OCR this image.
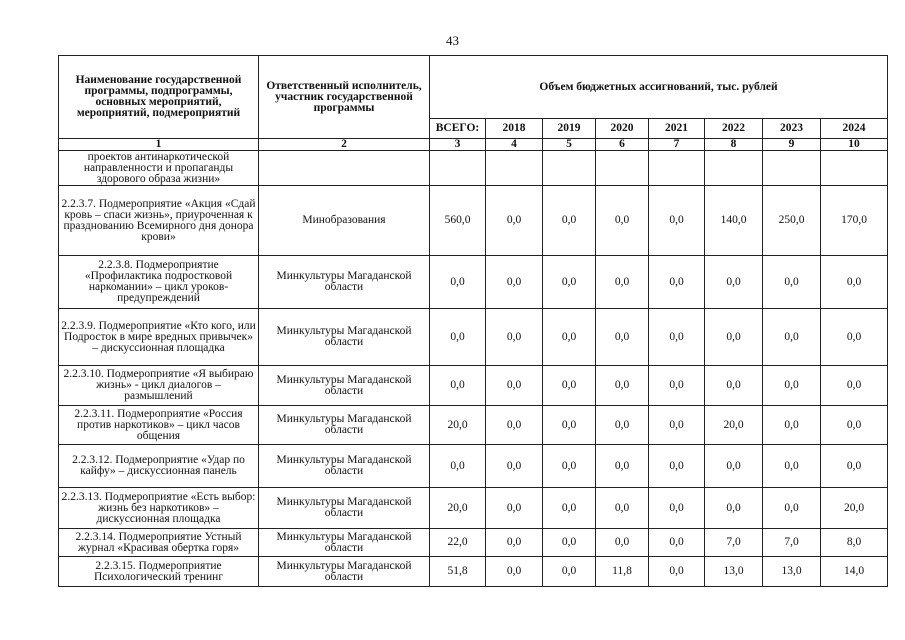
43
Наименование государственной программы, подпрограммы, основных мероприятий, мероприятий, подмероприятий	Ответственный исполнитель, участник государственной программы	Объем бюджетных ассигнований, тыс. рублей							
		ВСЕГО:	2018	2019	2020	2021	2022	2023	2024
1	2	3	4	5	6	7	8	9	10
проектов антинаркотической направленности и пропаганды здорового образа жизни»									
2.2.3.7. Подмероприятие «Акция «Сдай кровь – спаси жизнь», приуроченная к празднованию Всемирного дня донора крови»	Минобразования	560,0	0,0	0,0	0,0	0,0	140,0	250,0	170,0
2.2.3.8. Подмероприятие «Профилактика подростковой наркомании» – цикл уроков-предупреждений	Минкультуры Магаданской области	0,0	0,0	0,0	0,0	0,0	0,0	0,0	0,0
2.2.3.9. Подмероприятие «Кто кого, или Подросток в мире вредных привычек» – дискуссионная площадка	Минкультуры Магаданской области	0,0	0,0	0,0	0,0	0,0	0,0	0,0	0,0
2.2.3.10. Подмероприятие «Я выбираю жизнь» - цикл диалогов – размышлений	Минкультуры Магаданской области	0,0	0,0	0,0	0,0	0,0	0,0	0,0	0,0
2.2.3.11. Подмероприятие «Россия против наркотиков» – цикл часов общения	Минкультуры Магаданской области	20,0	0,0	0,0	0,0	0,0	20,0	0,0	0,0
2.2.3.12. Подмероприятие «Удар по кайфу» – дискуссионная панель	Минкультуры Магаданской области	0,0	0,0	0,0	0,0	0,0	0,0	0,0	0,0
2.2.3.13. Подмероприятие «Есть выбор: жизнь без наркотиков» – дискуссионная площадка	Минкультуры Магаданской области	20,0	0,0	0,0	0,0	0,0	0,0	0,0	20,0
2.2.3.14. Подмероприятие Устный журнал «Красивая обертка горя»	Минкультуры Магаданской области	22,0	0,0	0,0	0,0	0,0	7,0	7,0	8,0
2.2.3.15. Подмероприятие Психологический тренинг	Минкультуры Магаданской области	51,8	0,0	0,0	11,8	0,0	13,0	13,0	14,0
